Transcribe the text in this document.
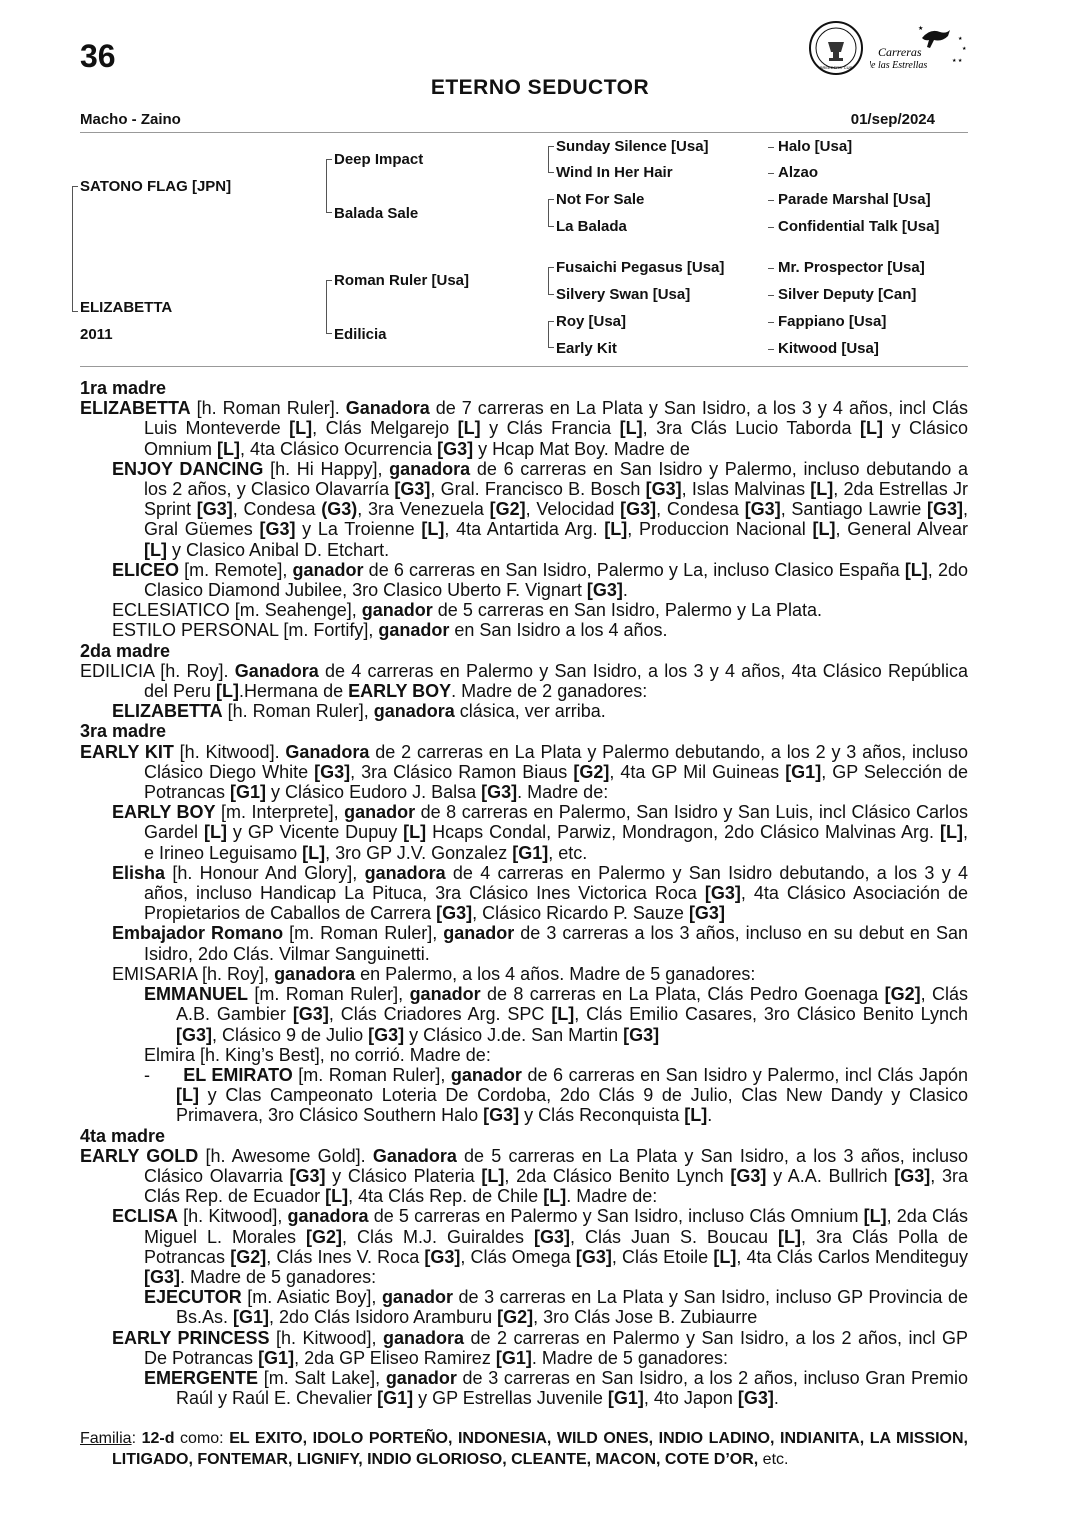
36
ETERNO SEDUCTOR
Macho - Zaino	01/sep/2024
BREEDERS' CUP
★
★
★
★ ★
Carreras
de las Estrellas
SATONO FLAG [JPN]
ELIZABETTA
2011
Deep Impact
Balada Sale
Roman Ruler [Usa]
Edilicia
Sunday Silence [Usa]
Wind In Her Hair
Not For Sale
La Balada
Fusaichi Pegasus [Usa]
Silvery Swan [Usa]
Roy [Usa]
Early Kit
Halo [Usa]
Alzao
Parade Marshal [Usa]
Confidential Talk [Usa]
Mr. Prospector [Usa]
Silver Deputy [Can]
Fappiano [Usa]
Kitwood [Usa]
1ra madre

ELIZABETTA [h. Roman Ruler]. Ganadora de 7 carreras en La Plata y San Isidro, a los 3 y 4 años, incl Clás Luis Monteverde [L], Clás Melgarejo [L] y Clás Francia [L], 3ra Clás Lucio Taborda [L] y Clásico Omnium [L], 4ta Clásico Ocurrencia [G3] y Hcap Mat Boy. Madre de

ENJOY DANCING [h. Hi Happy], ganadora de 6 carreras en San Isidro y Palermo, incluso debutando a los 2 años, y Clasico Olavarría [G3], Gral. Francisco B. Bosch [G3], Islas Malvinas [L], 2da Estrellas Jr Sprint [G3], Condesa (G3), 3ra Venezuela [G2], Velocidad [G3], Condesa [G3], Santiago Lawrie [G3], Gral Güemes [G3] y La Troienne [L], 4ta Antartida Arg. [L], Produccion Nacional [L], General Alvear [L] y Clasico Anibal D. Etchart.

ELICEO [m. Remote], ganador de 6 carreras en San Isidro, Palermo y La, incluso Clasico España [L], 2do Clasico Diamond Jubilee, 3ro Clasico Uberto F. Vignart [G3].

ECLESIATICO [m. Seahenge], ganador de 5 carreras en San Isidro, Palermo y La Plata.

ESTILO PERSONAL [m. Fortify], ganador en San Isidro a los 4 años.

2da madre

EDILICIA [h. Roy]. Ganadora de 4 carreras en Palermo y San Isidro, a los 3 y 4 años, 4ta Clásico República del Peru [L].Hermana de EARLY BOY. Madre de 2 ganadores:

ELIZABETTA [h. Roman Ruler], ganadora clásica, ver arriba.

3ra madre

EARLY KIT [h. Kitwood]. Ganadora de 2 carreras en La Plata y Palermo debutando, a los 2 y 3 años, incluso Clásico Diego White [G3], 3ra Clásico Ramon Biaus [G2], 4ta GP Mil Guineas [G1], GP Selección de Potrancas [G1] y Clásico Eudoro J. Balsa [G3]. Madre de:

EARLY BOY [m. Interprete], ganador de 8 carreras en Palermo, San Isidro y San Luis, incl Clásico Carlos Gardel [L] y GP Vicente Dupuy [L] Hcaps Condal, Parwiz, Mondragon, 2do Clásico Malvinas Arg. [L], e Irineo Leguisamo [L], 3ro GP J.V. Gonzalez [G1], etc.

Elisha [h. Honour And Glory], ganadora de 4 carreras en Palermo y San Isidro debutando, a los 3 y 4 años, incluso Handicap La Pituca, 3ra Clásico Ines Victorica Roca [G3], 4ta Clásico Asociación de Propietarios de Caballos de Carrera [G3], Clásico Ricardo P. Sauze [G3]

Embajador Romano [m. Roman Ruler], ganador de 3 carreras a los 3 años, incluso en su debut en San Isidro, 2do Clás. Vilmar Sanguinetti.

EMISARIA [h. Roy], ganadora en Palermo, a los 4 años. Madre de 5 ganadores:

EMMANUEL [m. Roman Ruler], ganador de 8 carreras en La Plata, Clás Pedro Goenaga [G2], Clás A.B. Gambier [G3], Clás Criadores Arg. SPC [L], Clás Emilio Casares, 3ro Clásico Benito Lynch [G3], Clásico 9 de Julio [G3] y Clásico J.de. San Martin [G3]

Elmira [h. King’s Best], no corrió. Madre de:

-      EL EMIRATO [m. Roman Ruler], ganador de 6 carreras en San Isidro y Palermo, incl Clás Japón [L] y Clas Campeonato Loteria De Cordoba, 2do Clás 9 de Julio, Clas New Dandy y Clasico Primavera, 3ro Clásico Southern Halo [G3] y Clás Reconquista [L].

4ta madre

EARLY GOLD [h. Awesome Gold]. Ganadora de 5 carreras en La Plata y San Isidro, a los 3 años, incluso Clásico Olavarria [G3] y Clásico Plateria [L], 2da Clásico Benito Lynch [G3] y A.A. Bullrich [G3], 3ra Clás Rep. de Ecuador [L], 4ta Clás Rep. de Chile [L]. Madre de:

ECLISA [h. Kitwood], ganadora de 5 carreras en Palermo y San Isidro, incluso Clás Omnium [L], 2da Clás Miguel L. Morales [G2], Clás M.J. Guiraldes [G3], Clás Juan S. Boucau [L], 3ra Clás Polla de Potrancas [G2], Clás Ines V. Roca [G3], Clás Omega [G3], Clás Etoile [L], 4ta Clás Carlos Menditeguy [G3]. Madre de 5 ganadores:

EJECUTOR [m. Asiatic Boy], ganador de 3 carreras en La Plata y San Isidro, incluso GP Provincia de Bs.As. [G1], 2do Clás Isidoro Aramburu [G2], 3ro Clás Jose B. Zubiaurre

EARLY PRINCESS [h. Kitwood], ganadora de 2 carreras en Palermo y San Isidro, a los 2 años, incl GP De Potrancas [G1], 2da GP Eliseo Ramirez [G1]. Madre de 5 ganadores:

EMERGENTE [m. Salt Lake], ganador de 3 carreras en San Isidro, a los 2 años, incluso Gran Premio Raúl y Raúl E. Chevalier [G1] y GP Estrellas Juvenile [G1], 4to Japon [G3].

Familia: 12-d como: EL EXITO, IDOLO PORTEÑO, INDONESIA, WILD ONES, INDIO LADINO, INDIANITA, LA MISSION, LITIGADO, FONTEMAR, LIGNIFY, INDIO GLORIOSO, CLEANTE, MACON, COTE D’OR, etc.
